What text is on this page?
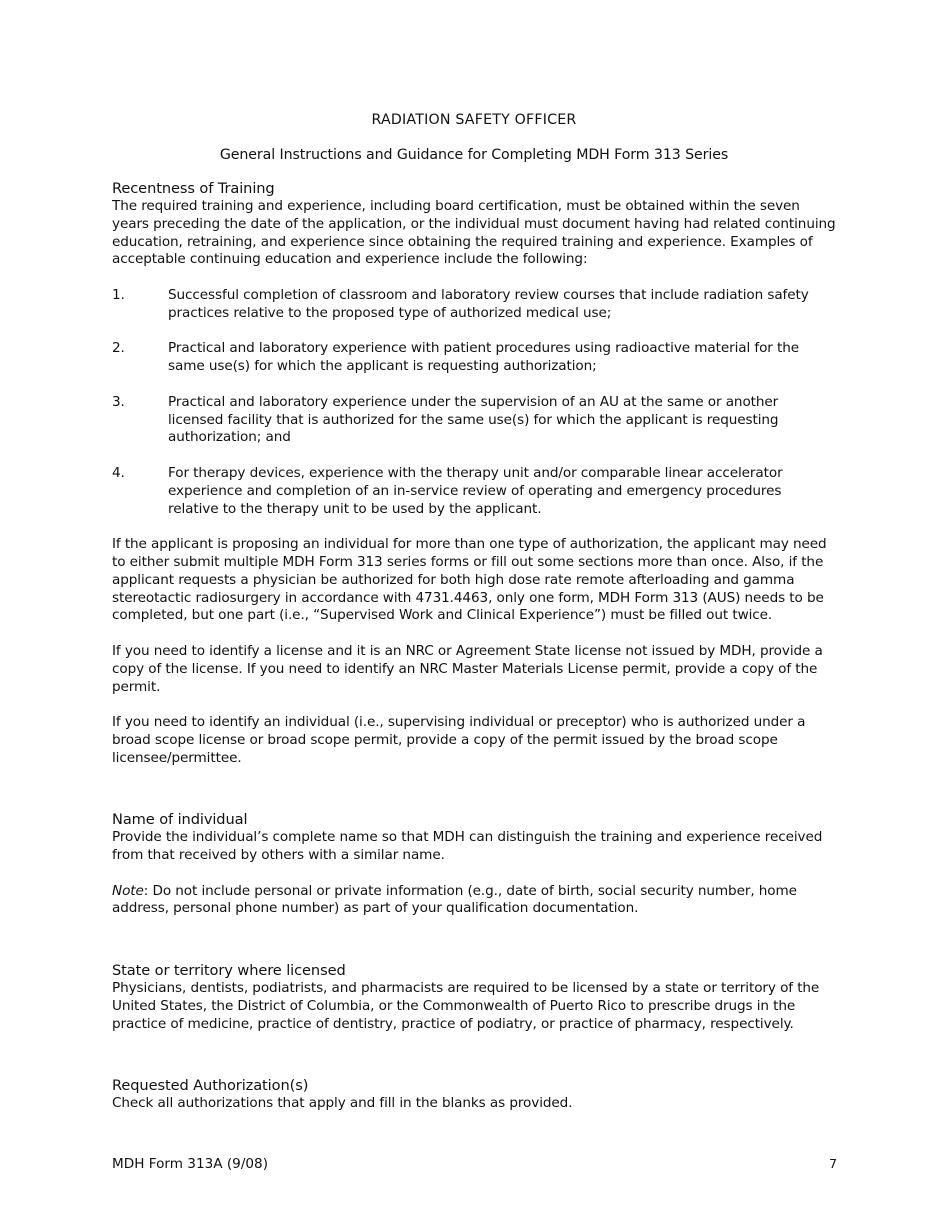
RADIATION SAFETY OFFICER
General Instructions and Guidance for Completing MDH Form 313 Series
Recentness of Training

The required training and experience, including board certification, must be obtained within the seven years preceding the date of the application, or the individual must document having had related continuing education, retraining, and experience since obtaining the required training and experience. Examples of acceptable continuing education and experience include the following:

1.	Successful completion of classroom and laboratory review courses that include radiation safety practices relative to the proposed type of authorized medical use;
2.	Practical and laboratory experience with patient procedures using radioactive material for the same use(s) for which the applicant is requesting authorization;
3.	Practical and laboratory experience under the supervision of an AU at the same or another licensed facility that is authorized for the same use(s) for which the applicant is requesting authorization; and
4.	For therapy devices, experience with the therapy unit and/or comparable linear accelerator experience and completion of an in-service review of operating and emergency procedures relative to the therapy unit to be used by the applicant.

If the applicant is proposing an individual for more than one type of authorization, the applicant may need to either submit multiple MDH Form 313 series forms or fill out some sections more than once. Also, if the applicant requests a physician be authorized for both high dose rate remote afterloading and gamma stereotactic radiosurgery in accordance with 4731.4463, only one form, MDH Form 313 (AUS) needs to be completed, but one part (i.e., “Supervised Work and Clinical Experience”) must be filled out twice.

If you need to identify a license and it is an NRC or Agreement State license not issued by MDH, provide a copy of the license. If you need to identify an NRC Master Materials License permit, provide a copy of the permit.

If you need to identify an individual (i.e., supervising individual or preceptor) who is authorized under a broad scope license or broad scope permit, provide a copy of the permit issued by the broad scope licensee/permittee.

Name of individual

Provide the individual’s complete name so that MDH can distinguish the training and experience received from that received by others with a similar name.

Note: Do not include personal or private information (e.g., date of birth, social security number, home address, personal phone number) as part of your qualification documentation.

State or territory where licensed

Physicians, dentists, podiatrists, and pharmacists are required to be licensed by a state or territory of the United States, the District of Columbia, or the Commonwealth of Puerto Rico to prescribe drugs in the practice of medicine, practice of dentistry, practice of podiatry, or practice of pharmacy, respectively.

Requested Authorization(s)

Check all authorizations that apply and fill in the blanks as provided.

MDH Form 313A (9/08)	7
